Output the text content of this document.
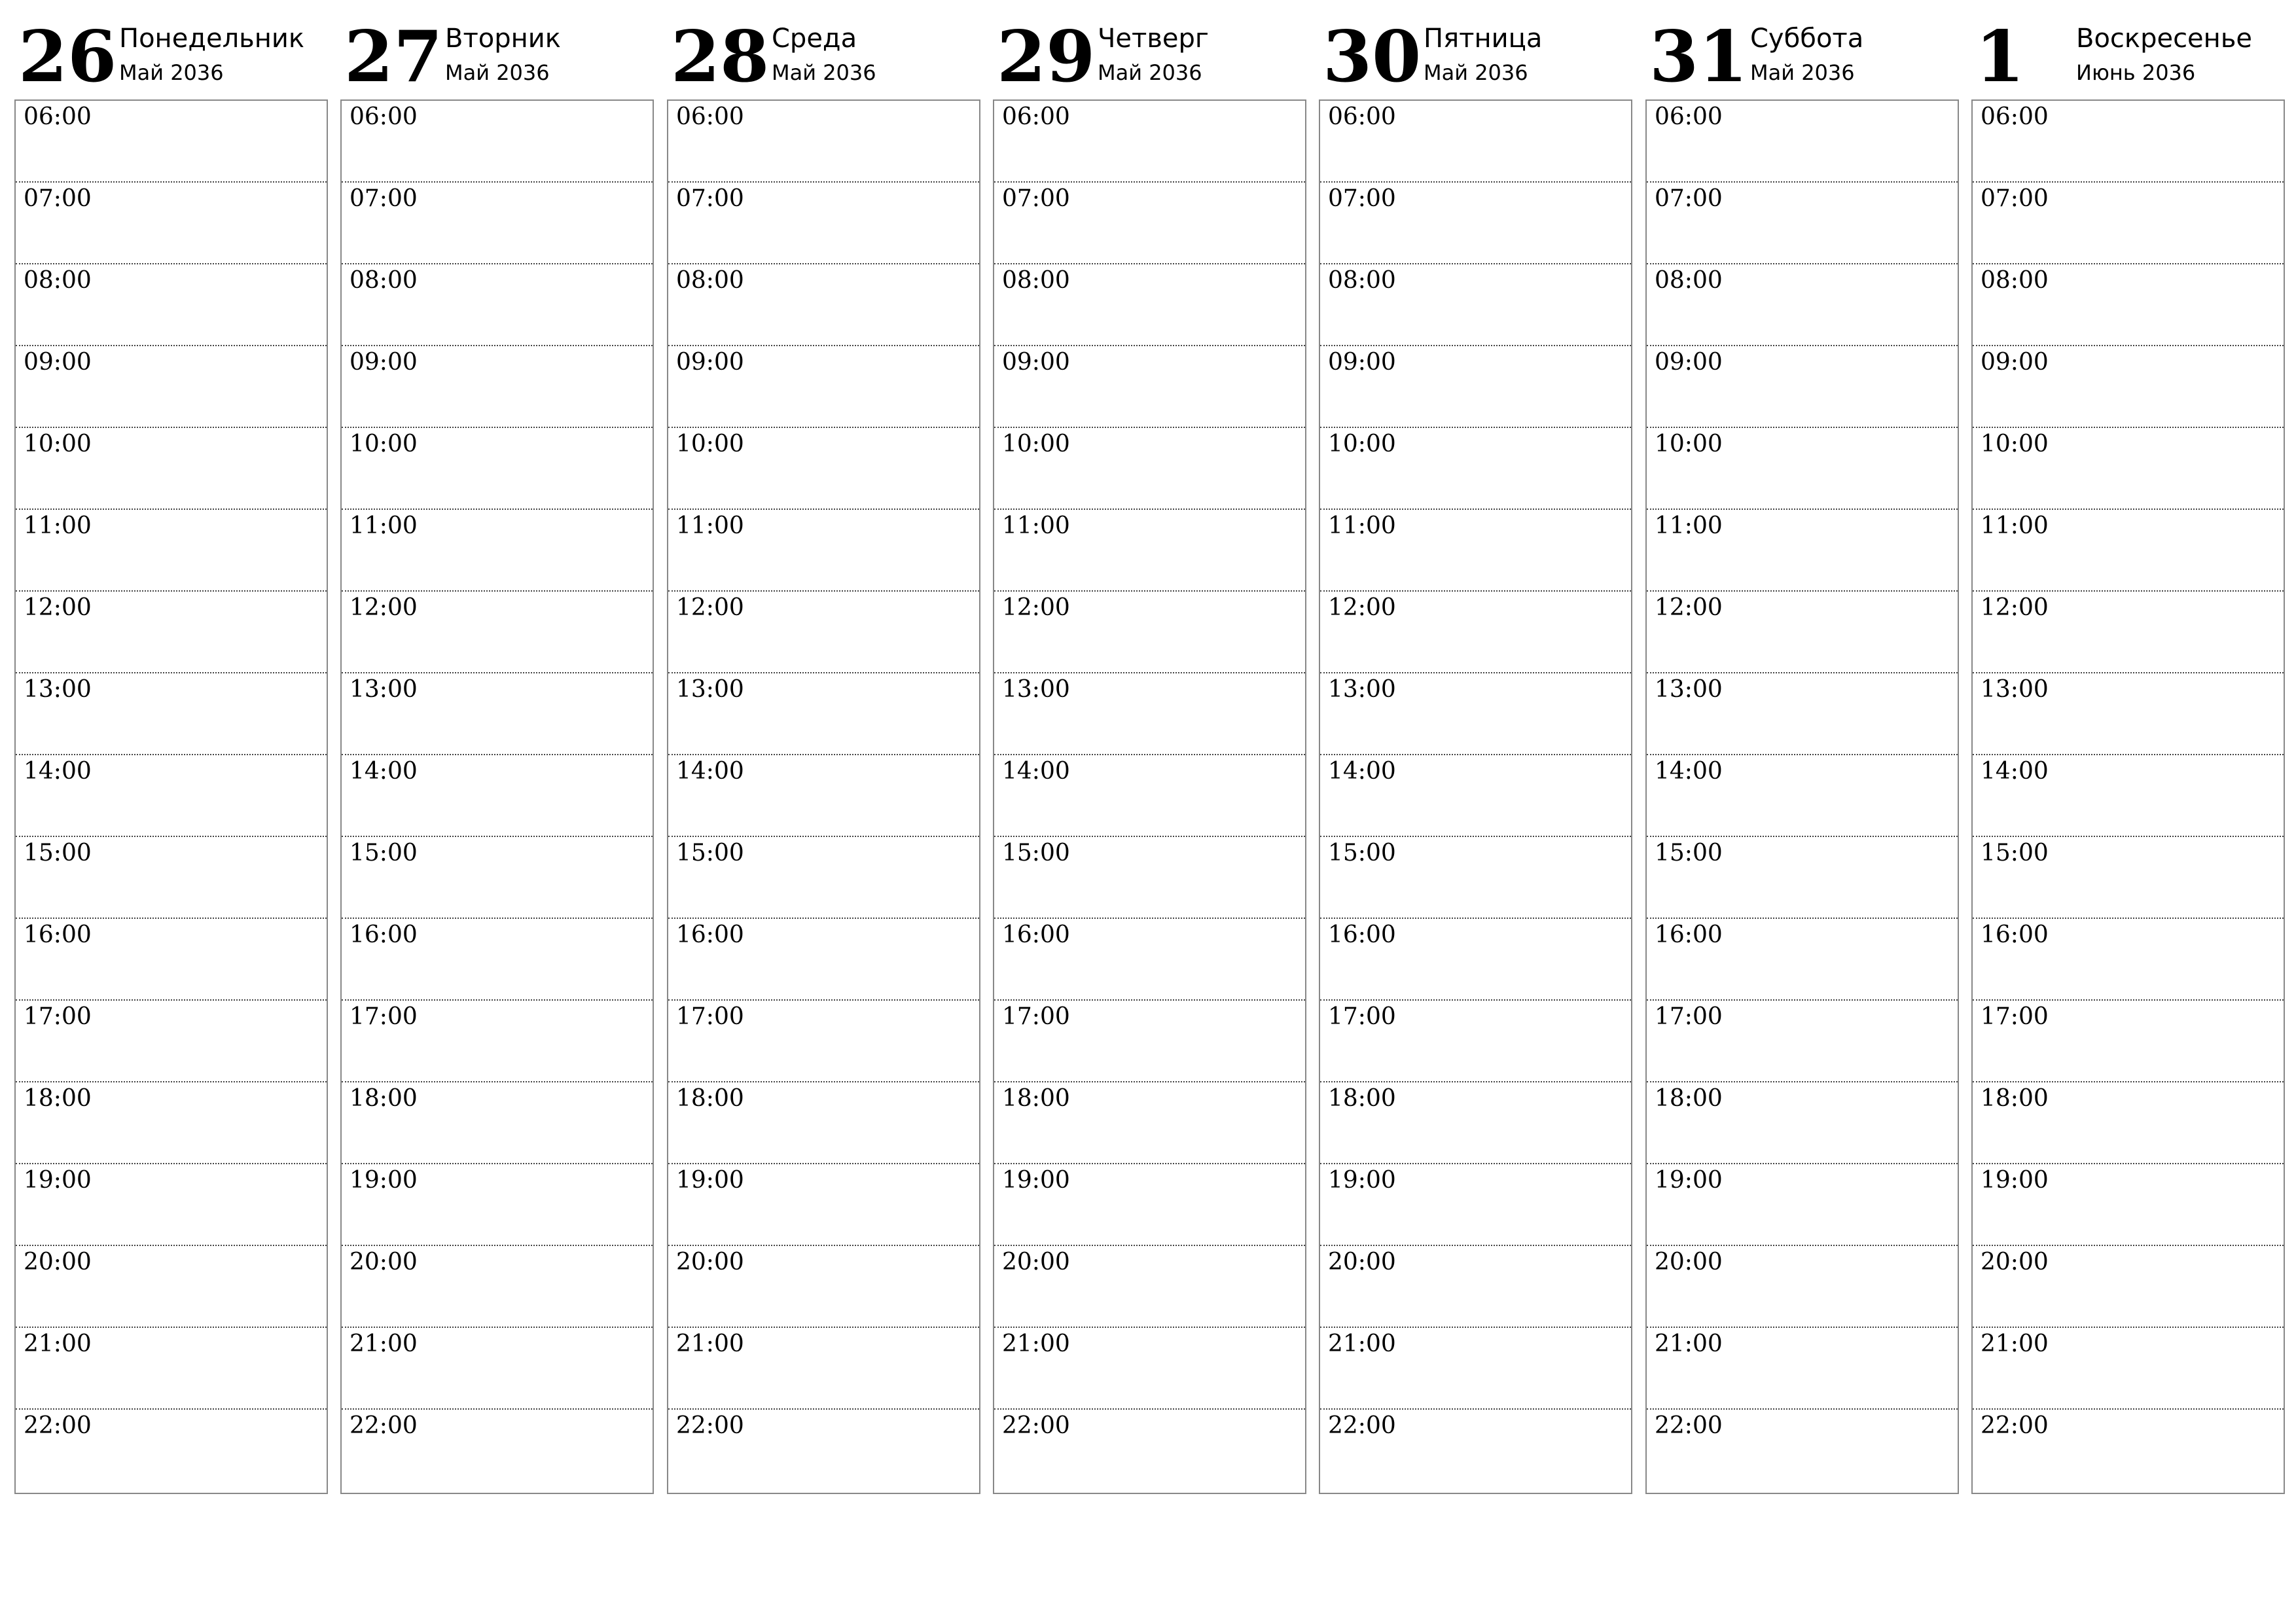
26 Понедельник
Май 2036
06:00
07:00
08:00
09:00
10:00
11:00
12:00
13:00
14:00
15:00
16:00
17:00
18:00
19:00
20:00
21:00
22:00
27 Вторник
Май 2036
06:00
07:00
08:00
09:00
10:00
11:00
12:00
13:00
14:00
15:00
16:00
17:00
18:00
19:00
20:00
21:00
22:00
28 Среда
Май 2036
06:00
07:00
08:00
09:00
10:00
11:00
12:00
13:00
14:00
15:00
16:00
17:00
18:00
19:00
20:00
21:00
22:00
29 Четверг
Май 2036
06:00
07:00
08:00
09:00
10:00
11:00
12:00
13:00
14:00
15:00
16:00
17:00
18:00
19:00
20:00
21:00
22:00
30 Пятница
Май 2036
06:00
07:00
08:00
09:00
10:00
11:00
12:00
13:00
14:00
15:00
16:00
17:00
18:00
19:00
20:00
21:00
22:00
31 Суббота
Май 2036
06:00
07:00
08:00
09:00
10:00
11:00
12:00
13:00
14:00
15:00
16:00
17:00
18:00
19:00
20:00
21:00
22:00
1 Воскресенье
Июнь 2036
06:00
07:00
08:00
09:00
10:00
11:00
12:00
13:00
14:00
15:00
16:00
17:00
18:00
19:00
20:00
21:00
22:00
